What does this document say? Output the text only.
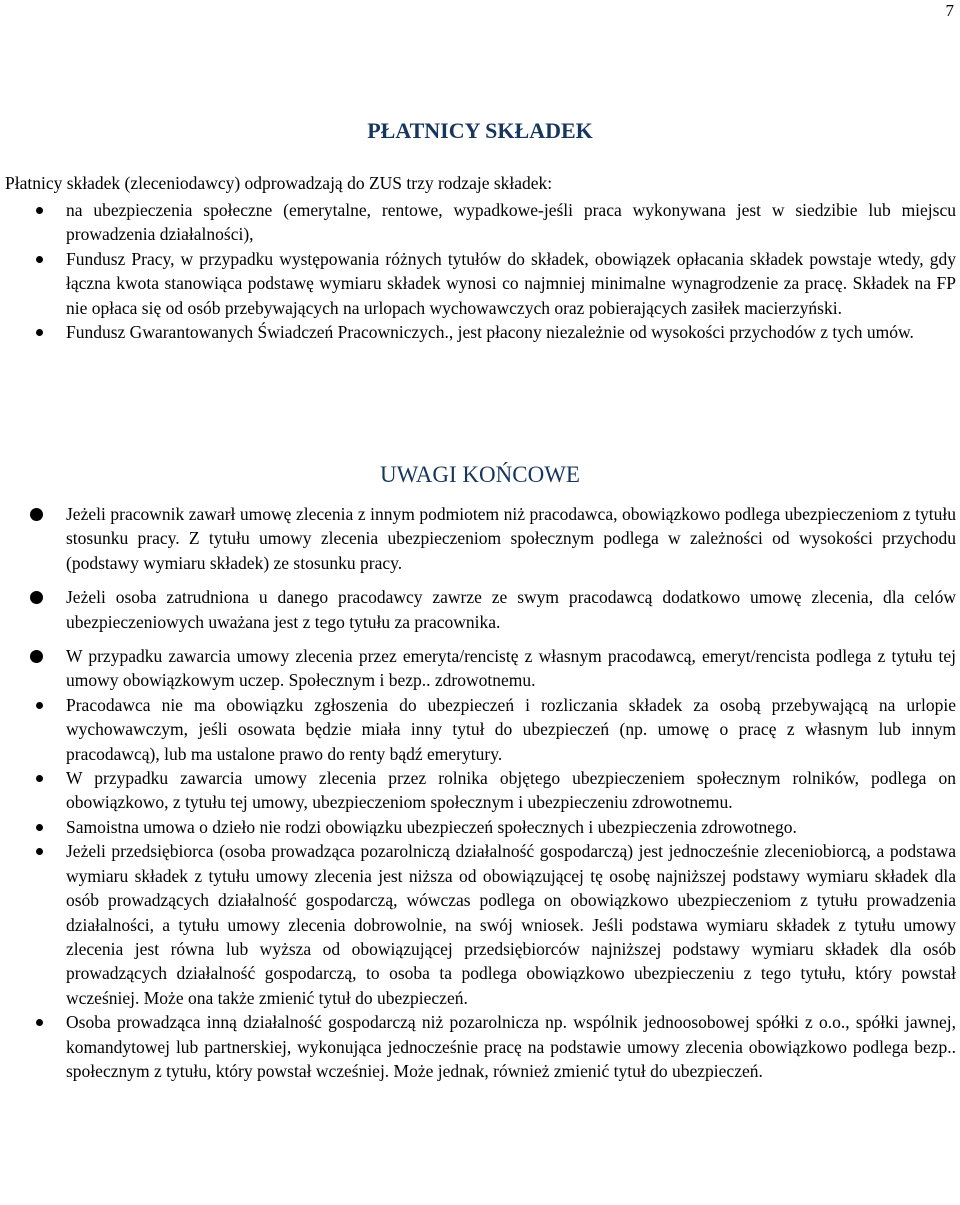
7
PŁATNICY SKŁADEK

Płatnicy składek (zleceniodawcy) odprowadzają do ZUS trzy rodzaje składek:

na ubezpieczenia społeczne (emerytalne, rentowe, wypadkowe-jeśli praca wykonywana jest w siedzibie lub miejscu prowadzenia działalności),
Fundusz Pracy, w przypadku występowania różnych tytułów do składek, obowiązek opłacania składek powstaje wtedy, gdy łączna kwota stanowiąca podstawę wymiaru składek wynosi co najmniej minimalne wynagrodzenie za pracę. Składek na FP nie opłaca się od osób przebywających na urlopach wychowawczych oraz pobierających zasiłek macierzyński.
Fundusz Gwarantowanych Świadczeń Pracowniczych., jest płacony niezależnie od wysokości przychodów z tych umów.
UWAGI KOŃCOWE
Jeżeli pracownik zawarł umowę zlecenia z innym podmiotem niż pracodawca, obowiązkowo podlega ubezpieczeniom z tytułu stosunku pracy. Z tytułu umowy zlecenia ubezpieczeniom społecznym podlega w zależności od wysokości przychodu (podstawy wymiaru składek) ze stosunku pracy.
Jeżeli osoba zatrudniona u danego pracodawcy zawrze ze swym pracodawcą dodatkowo umowę zlecenia, dla celów ubezpieczeniowych uważana jest z tego tytułu za pracownika.
W przypadku zawarcia umowy zlecenia przez emeryta/rencistę z własnym pracodawcą, emeryt/rencista podlega z tytułu tej umowy obowiązkowym uczep. Społecznym i bezp.. zdrowotnemu.
Pracodawca nie ma obowiązku zgłoszenia do ubezpieczeń i rozliczania składek za osobą przebywającą na urlopie wychowawczym, jeśli osowata będzie miała inny tytuł do ubezpieczeń (np. umowę o pracę z własnym lub innym pracodawcą), lub ma ustalone prawo do renty bądź emerytury.
W przypadku zawarcia umowy zlecenia przez rolnika objętego ubezpieczeniem społecznym rolników, podlega on obowiązkowo, z tytułu tej umowy, ubezpieczeniom społecznym i ubezpieczeniu zdrowotnemu.
Samoistna umowa o dzieło nie rodzi obowiązku ubezpieczeń społecznych i ubezpieczenia zdrowotnego.
Jeżeli przedsiębiorca (osoba prowadząca pozarolniczą działalność gospodarczą) jest jednocześnie zleceniobiorcą, a podstawa wymiaru składek z tytułu umowy zlecenia jest niższa od obowiązującej tę osobę najniższej podstawy wymiaru składek dla osób prowadzących działalność gospodarczą, wówczas podlega on obowiązkowo ubezpieczeniom z tytułu prowadzenia działalności, a tytułu umowy zlecenia dobrowolnie, na swój wniosek. Jeśli podstawa wymiaru składek z tytułu umowy zlecenia jest równa lub wyższa od obowiązującej przedsiębiorców najniższej podstawy wymiaru składek dla osób prowadzących działalność gospodarczą, to osoba ta podlega obowiązkowo ubezpieczeniu z tego tytułu, który powstał wcześniej. Może ona także zmienić tytuł do ubezpieczeń.
Osoba prowadząca inną działalność gospodarczą niż pozarolnicza np. wspólnik jednoosobowej spółki z o.o., spółki jawnej, komandytowej lub partnerskiej, wykonująca jednocześnie pracę na podstawie umowy zlecenia obowiązkowo podlega bezp.. społecznym z tytułu, który powstał wcześniej. Może jednak, również zmienić tytuł do ubezpieczeń.
